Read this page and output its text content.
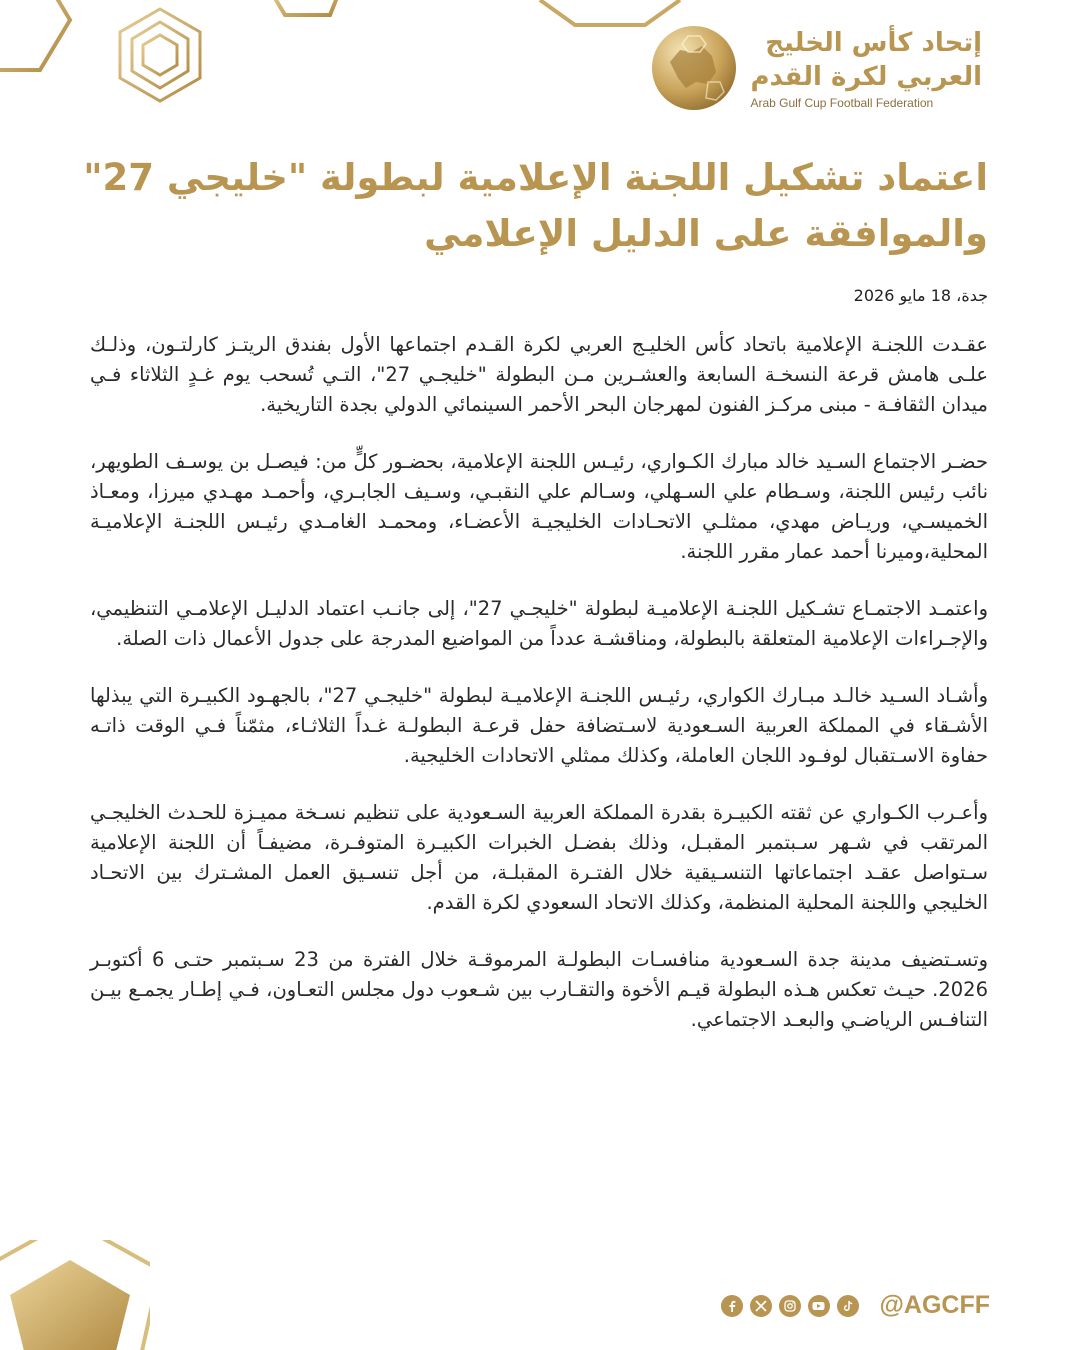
إتحاد كأس الخليج
العربي لكرة القدم
Arab Gulf Cup Football Federation
اعتماد تشكيل اللجنة الإعلامية لبطولة "خليجي 27"
والموافقة على الدليل الإعلامي
جدة، 18 مايو 2026

عقـدت اللجنـة الإعلامية باتحاد كأس الخليـج العربي لكرة القـدم اجتماعها الأول بفندق الريتـز كارلتـون، وذلـك علـى هامش قرعة النسخـة السابعة والعشـرين مـن البطولة "خليجـي 27"، التـي تُسحب يوم غـدٍ الثلاثاء فـي ميدان الثقافـة - مبنى مركـز الفنون لمهرجان البحر الأحمر السينمائي الدولي بجدة التاريخية.

حضـر الاجتماع السـيد خالد مبارك الكـواري، رئيـس اللجنة الإعلامية، بحضـور كلٍّ من: فيصـل بن يوسـف الطويهر، نائب رئيس اللجنة، وسـطام علي السـهلي، وسـالم علي النقبـي، وسـيف الجابـري، وأحمـد مهـدي ميرزا، ومعـاذ الخميسـي، وريـاض مهدي، ممثلـي الاتحـادات الخليجيـة الأعضـاء، ومحمـد الغامـدي رئيـس اللجنـة الإعلاميـة المحلية،وميرنا أحمد عمار مقرر اللجنة.

واعتمـد الاجتمـاع تشـكيل اللجنـة الإعلاميـة لبطولة "خليجـي 27"، إلى جانـب اعتماد الدليـل الإعلامـي التنظيمي، والإجـراءات الإعلامية المتعلقة بالبطولة، ومناقشـة عدداً من المواضيع المدرجة على جدول الأعمال ذات الصلة.

وأشـاد السـيد خالـد مبـارك الكواري، رئيـس اللجنـة الإعلاميـة لبطولة "خليجـي 27"، بالجهـود الكبيـرة التي يبذلها الأشـقاء في المملكة العربية السـعودية لاسـتضافة حفل قرعـة البطولـة غـداً الثلاثـاء، مثمّناً فـي الوقت ذاتـه حفاوة الاسـتقبال لوفـود اللجان العاملة، وكذلك ممثلي الاتحادات الخليجية.

وأعـرب الكـواري عن ثقته الكبيـرة بقدرة المملكة العربية السـعودية على تنظيم نسـخة مميـزة للحـدث الخليجـي المرتقب في شـهر سـبتمبر المقبـل، وذلك بفضـل الخبرات الكبيـرة المتوفـرة، مضيفـاً أن اللجنة الإعلامية سـتواصل عقـد اجتماعاتها التنسـيقية خلال الفتـرة المقبلـة، من أجل تنسـيق العمل المشـترك بين الاتحـاد الخليجي واللجنة المحلية المنظمة، وكذلك الاتحاد السعودي لكرة القدم.

وتسـتضيف مدينة جدة السـعودية منافسـات البطولـة المرموقـة خلال الفترة من 23 سـبتمبر حتـى 6 أكتوبـر 2026. حيـث تعكس هـذه البطولة قيـم الأخوة والتقـارب بين شـعوب دول مجلس التعـاون، فـي إطـار يجمـع بيـن التنافـس الرياضـي والبعـد الاجتماعي.

@AGCFF
